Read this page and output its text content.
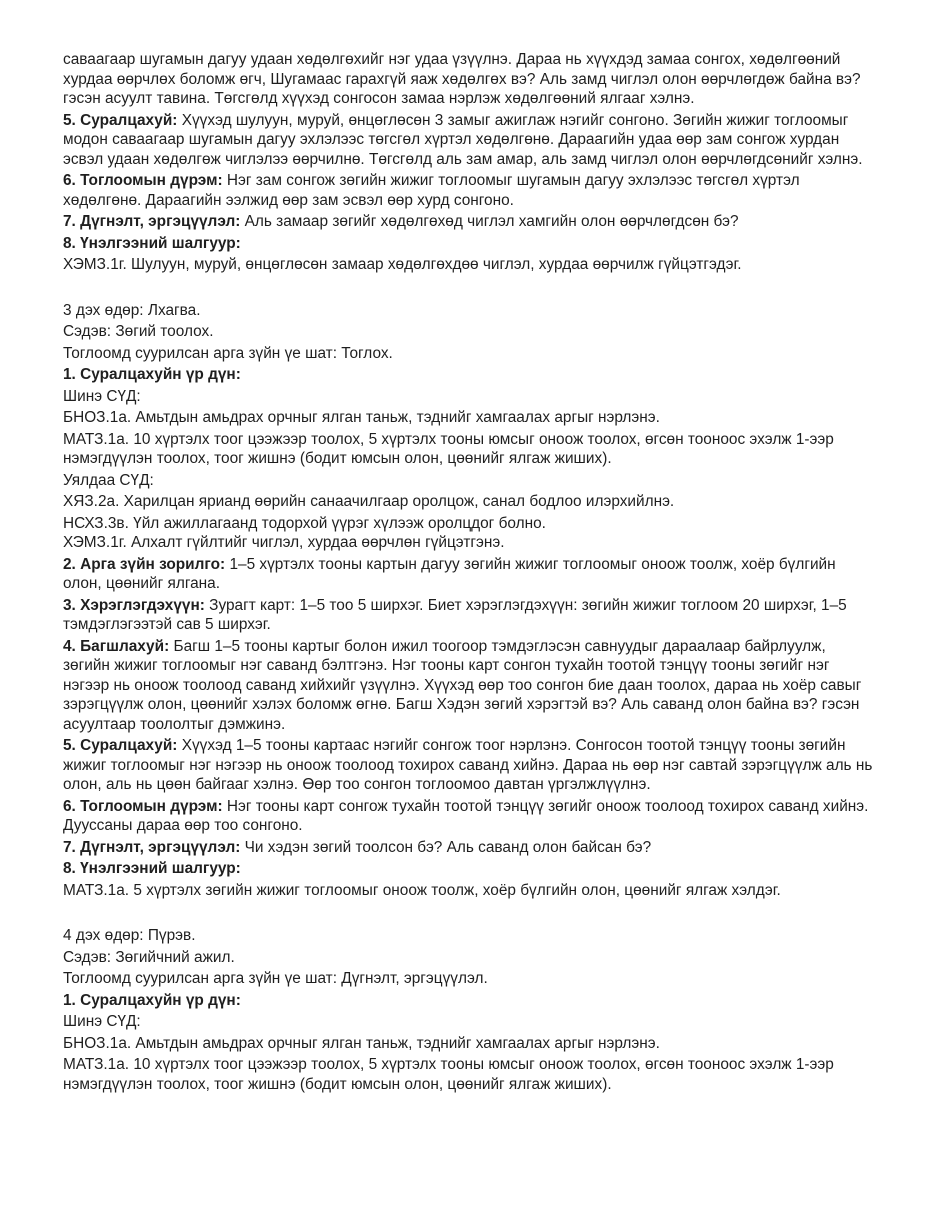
саваагаар шугамын дагуу удаан хөдөлгөхийг нэг удаа үзүүлнэ. Дараа нь хүүхдэд замаа сонгох, хөдөлгөөний хурдаа өөрчлөх боломж өгч, Шугамаас гарахгүй яаж хөдөлгөх вэ? Аль замд чиглэл олон өөрчлөгдөж байна вэ? гэсэн асуулт тавина. Төгсгөлд хүүхэд сонгосон замаа нэрлэж хөдөлгөөний ялгааг хэлнэ.

5. Суралцахуй: Хүүхэд шулуун, муруй, өнцөглөсөн 3 замыг ажиглаж нэгийг сонгоно. Зөгийн жижиг тоглоомыг модон саваагаар шугамын дагуу эхлэлээс төгсгөл хүртэл хөдөлгөнө. Дараагийн удаа өөр зам сонгож хурдан эсвэл удаан хөдөлгөж чиглэлээ өөрчилнө. Төгсгөлд аль зам амар, аль замд чиглэл олон өөрчлөгдсөнийг хэлнэ.

6. Тоглоомын дүрэм: Нэг зам сонгож зөгийн жижиг тоглоомыг шугамын дагуу эхлэлээс төгсгөл хүртэл хөдөлгөнө. Дараагийн ээлжид өөр зам эсвэл өөр хурд сонгоно.

7. Дүгнэлт, эргэцүүлэл: Аль замаар зөгийг хөдөлгөхөд чиглэл хамгийн олон өөрчлөгдсөн бэ?

8. Үнэлгээний шалгуур:

ХЭМЗ.1г. Шулуун, муруй, өнцөглөсөн замаар хөдөлгөхдөө чиглэл, хурдаа өөрчилж гүйцэтгэдэг.

3 дэх өдөр: Лхагва.

Сэдэв: Зөгий тоолох.

Тоглоомд суурилсан арга зүйн үе шат: Тоглох.

1. Суралцахуйн үр дүн:

Шинэ СҮД:

БНОЗ.1а. Амьтдын амьдрах орчныг ялган таньж, тэднийг хамгаалах аргыг нэрлэнэ.

МАТЗ.1а. 10 хүртэлх тоог цээжээр тоолох, 5 хүртэлх тооны юмсыг оноож тоолох, өгсөн тооноос эхэлж 1-ээр нэмэгдүүлэн тоолох, тоог жишнэ (бодит юмсын олон, цөөнийг ялгаж жиших).

Уялдаа СҮД:

ХЯЗ.2а. Харилцан ярианд өөрийн санаачилгаар оролцож, санал бодлоо илэрхийлнэ.

НСХЗ.3в. Үйл ажиллагаанд тодорхой үүрэг хүлээж оролцдог болно.

ХЭМЗ.1г. Алхалт гүйлтийг чиглэл, хурдаа өөрчлөн гүйцэтгэнэ.

2. Арга зүйн зорилго: 1–5 хүртэлх тооны картын дагуу зөгийн жижиг тоглоомыг оноож тоолж, хоёр бүлгийн олон, цөөнийг ялгана.

3. Хэрэглэгдэхүүн: Зурагт карт: 1–5 тоо 5 ширхэг. Биет хэрэглэгдэхүүн: зөгийн жижиг тоглоом 20 ширхэг, 1–5 тэмдэглэгээтэй сав 5 ширхэг.

4. Багшлахуй: Багш 1–5 тооны картыг болон ижил тоогоор тэмдэглэсэн савнуудыг дараалаар байрлуулж, зөгийн жижиг тоглоомыг нэг саванд бэлтгэнэ. Нэг тооны карт сонгон тухайн тоотой тэнцүү тооны зөгийг нэг нэгээр нь оноож тоолоод саванд хийхийг үзүүлнэ. Хүүхэд өөр тоо сонгон бие даан тоолох, дараа нь хоёр савыг зэрэгцүүлж олон, цөөнийг хэлэх боломж өгнө. Багш Хэдэн зөгий хэрэгтэй вэ? Аль саванд олон байна вэ? гэсэн асуултаар тоололтыг дэмжинэ.

5. Суралцахуй: Хүүхэд 1–5 тооны картаас нэгийг сонгож тоог нэрлэнэ. Сонгосон тоотой тэнцүү тооны зөгийн жижиг тоглоомыг нэг нэгээр нь оноож тоолоод тохирох саванд хийнэ. Дараа нь өөр нэг савтай зэрэгцүүлж аль нь олон, аль нь цөөн байгааг хэлнэ. Өөр тоо сонгон тоглоомоо давтан үргэлжлүүлнэ.

6. Тоглоомын дүрэм: Нэг тооны карт сонгож тухайн тоотой тэнцүү зөгийг оноож тоолоод тохирох саванд хийнэ. Дууссаны дараа өөр тоо сонгоно.

7. Дүгнэлт, эргэцүүлэл: Чи хэдэн зөгий тоолсон бэ? Аль саванд олон байсан бэ?

8. Үнэлгээний шалгуур:

МАТЗ.1а. 5 хүртэлх зөгийн жижиг тоглоомыг оноож тоолж, хоёр бүлгийн олон, цөөнийг ялгаж хэлдэг.

4 дэх өдөр: Пүрэв.

Сэдэв: Зөгийчний ажил.

Тоглоомд суурилсан арга зүйн үе шат: Дүгнэлт, эргэцүүлэл.

1. Суралцахуйн үр дүн:

Шинэ СҮД:

БНОЗ.1а. Амьтдын амьдрах орчныг ялган таньж, тэднийг хамгаалах аргыг нэрлэнэ.

МАТЗ.1а. 10 хүртэлх тоог цээжээр тоолох, 5 хүртэлх тооны юмсыг оноож тоолох, өгсөн тооноос эхэлж 1-ээр нэмэгдүүлэн тоолох, тоог жишнэ (бодит юмсын олон, цөөнийг ялгаж жиших).
